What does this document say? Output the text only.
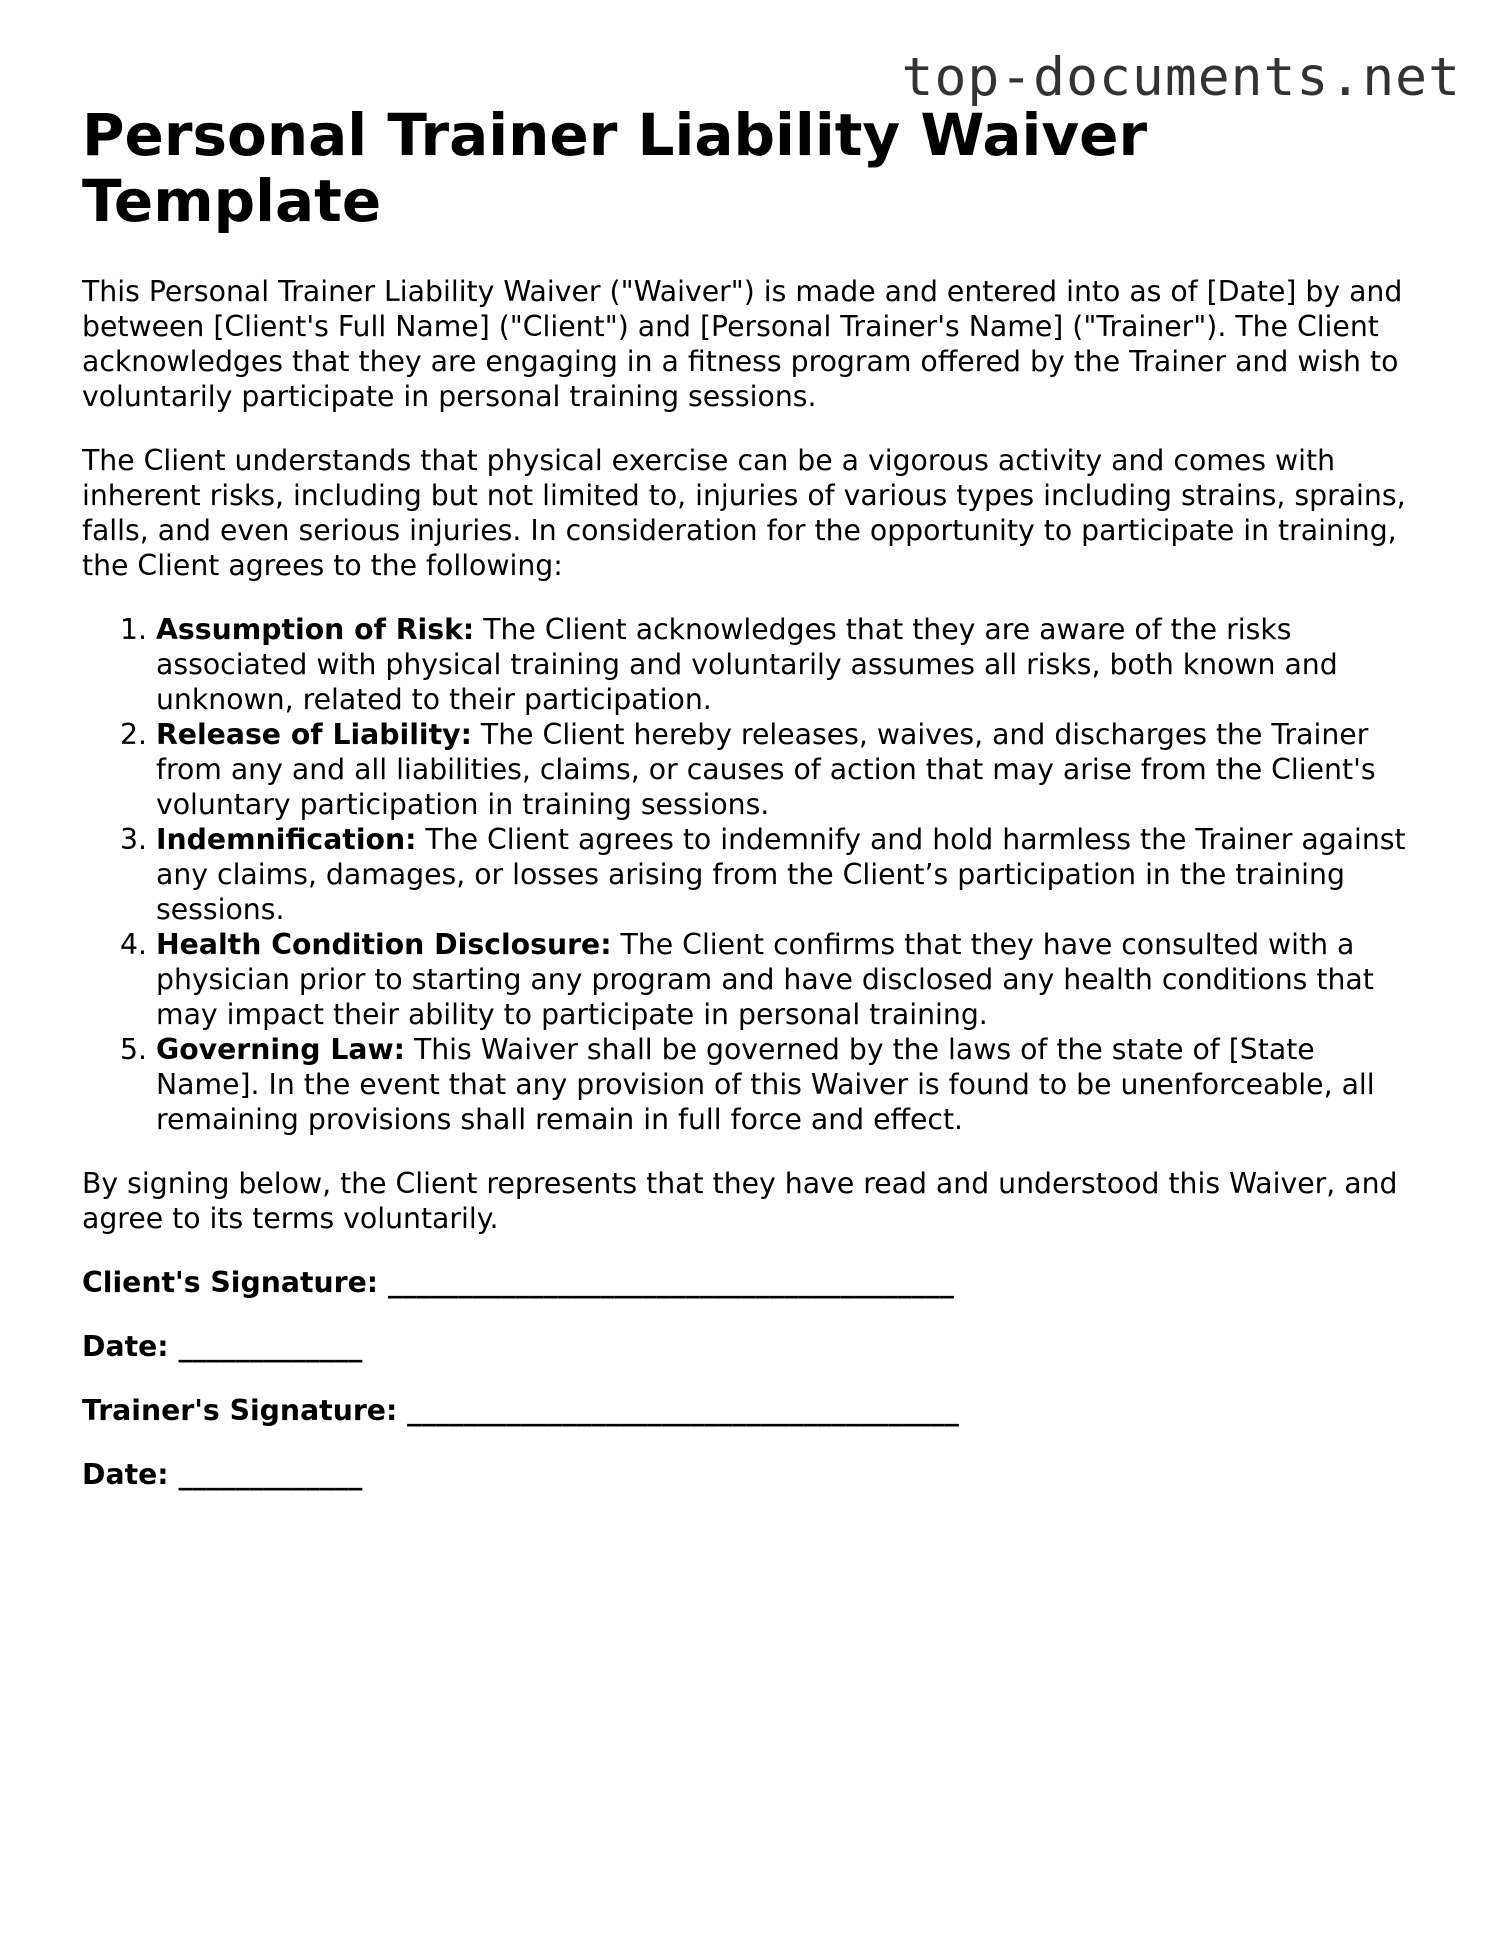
top-documents.net
Personal Trainer Liability Waiver Template

This Personal Trainer Liability Waiver ("Waiver") is made and entered into as of [Date] by and between [Client's Full Name] ("Client") and [Personal Trainer's Name] ("Trainer"). The Client acknowledges that they are engaging in a fitness program offered by the Trainer and wish to voluntarily participate in personal training sessions.

The Client understands that physical exercise can be a vigorous activity and comes with inherent risks, including but not limited to, injuries of various types including strains, sprains, falls, and even serious injuries. In consideration for the opportunity to participate in training, the Client agrees to the following:

1. Assumption of Risk: The Client acknowledges that they are aware of the risks associated with physical training and voluntarily assumes all risks, both known and unknown, related to their participation.
2. Release of Liability: The Client hereby releases, waives, and discharges the Trainer from any and all liabilities, claims, or causes of action that may arise from the Client's voluntary participation in training sessions.
3. Indemnification: The Client agrees to indemnify and hold harmless the Trainer against any claims, damages, or losses arising from the Client’s participation in the training sessions.
4. Health Condition Disclosure: The Client confirms that they have consulted with a physician prior to starting any program and have disclosed any health conditions that may impact their ability to participate in personal training.
5. Governing Law: This Waiver shall be governed by the laws of the state of [State Name]. In the event that any provision of this Waiver is found to be unenforceable, all remaining provisions shall remain in full force and effect.

By signing below, the Client represents that they have read and understood this Waiver, and agree to its terms voluntarily.

Client's Signature: ________________________________________
Date: _____________
Trainer's Signature: _______________________________________
Date: _____________
